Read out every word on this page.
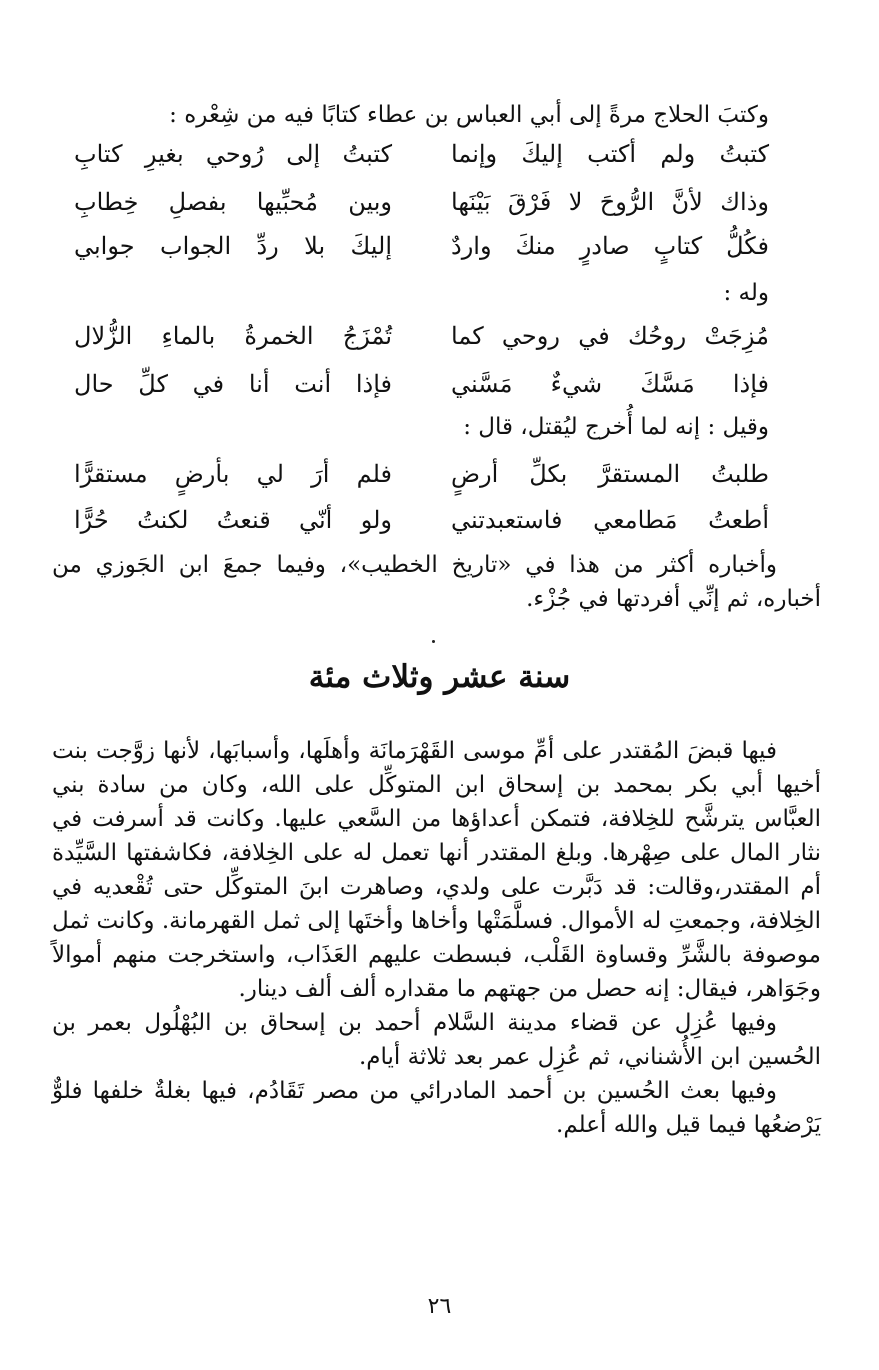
وكتبَ الحلاج مرةً إلى أبي العباس بن عطاء كتابًا فيه من شِعْره :
كتبتُ ولم أكتب إليكَ وإنما
كتبتُ إلى رُوحي بغيرِ كتابِ
وذاك لأنَّ الرُّوحَ لا فَرْقَ بَيْنَها
وبين مُحبِّيها بفصلِ خِطابِ
فكُلُّ كتابٍ صادرٍ منكَ واردٌ
إليكَ بلا ردِّ الجواب جوابي
وله :
مُزِجَتْ روحُك في روحي كما
تُمْزَجُ الخمرةُ بالماءِ الزُّلال
فإذا مَسَّكَ شيءٌ مَسَّني
فإذا أنت أنا في كلِّ حال
وقيل : إنه لما أُخرج ليُقتل، قال :
طلبتُ المستقرَّ بكلِّ أرضٍ
فلم أرَ لي بأرضٍ مستقرًّا
أطعتُ مَطامعي فاستعبدتني
ولو أنّي قنعتُ لكنتُ حُرًّا

وأخباره أكثر من هذا في «تاريخ الخطيب»، وفيما جمعَ ابن الجَوزي من أخباره، ثم إنِّي أفردتها في جُزْء.

سنة عشر وثلاث مئة

فيها قبضَ المُقتدر على أمِّ موسى القَهْرَمانَة وأهلَها، وأسبابَها، لأنها زوَّجت بنت أخيها أبي بكر بمحمد بن إسحاق ابن المتوكِّل على الله، وكان من سادة بني العبَّاس يترشَّح للخِلافة، فتمكن أعداؤها من السَّعي عليها. وكانت قد أسرفت في نثار المال على صِهْرها. وبلغ المقتدر أنها تعمل له على الخِلافة، فكاشفتها السَّيِّدة أم المقتدر،وقالت: قد دَبَّرت على ولدي، وصاهرت ابنَ المتوكِّل حتى تُقْعديه في الخِلافة، وجمعتِ له الأموال. فسلَّمَتْها وأخاها وأختَها إلى ثمل القهرمانة. وكانت ثمل موصوفة بالشَّرِّ وقساوة القَلْب، فبسطت عليهم العَذَاب، واستخرجت منهم أموالاً وجَوَاهر، فيقال: إنه حصل من جهتهم ما مقداره ألف ألف دينار.

وفيها عُزِل عن قضاء مدينة السَّلام أحمد بن إسحاق بن البُهْلُول بعمر بن الحُسين ابن الأُشناني، ثم عُزِل عمر بعد ثلاثة أيام.

وفيها بعث الحُسين بن أحمد المادرائي من مصر تَقَادُم، فيها بغلةٌ خلفها فلوٌّ يَرْضعُها فيما قيل والله أعلم.

٢٦
